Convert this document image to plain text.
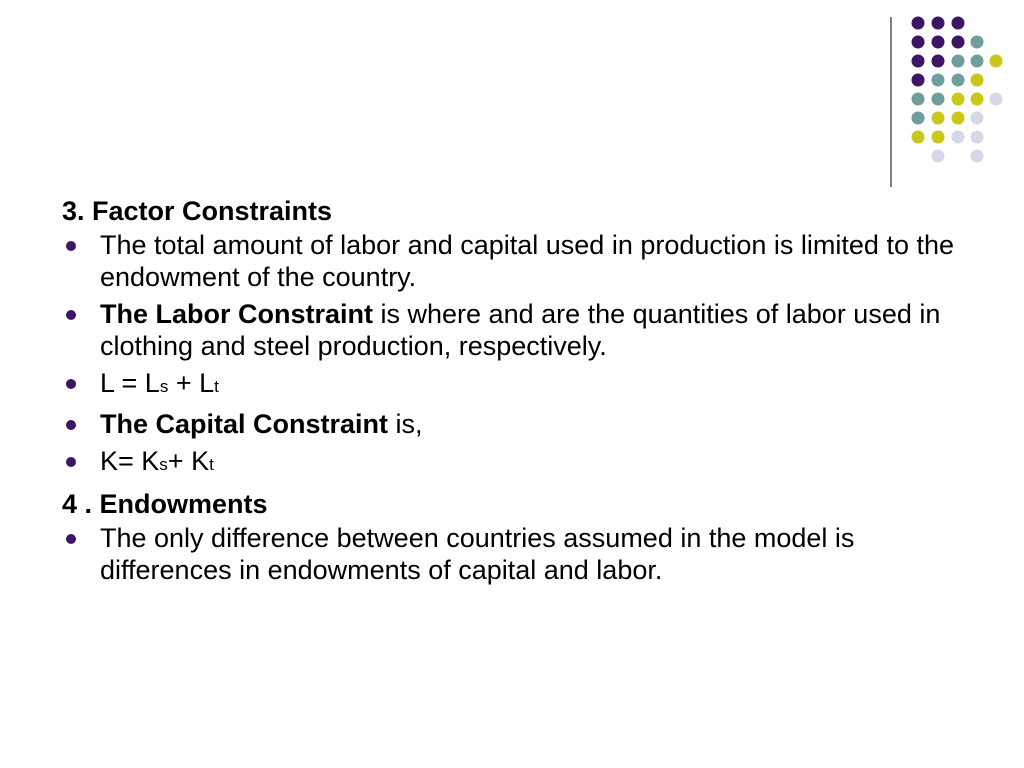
3. Factor Constraints

The total amount of labor and capital used in production is limited to the endowment of the country.
The Labor Constraint is where and are the quantities of labor used in clothing and steel production, respectively.
L = Ls + Lt
The Capital Constraint is,
K= Ks+ Kt

4 . Endowments

The only difference between countries assumed in the model is differences in endowments of capital and labor.
